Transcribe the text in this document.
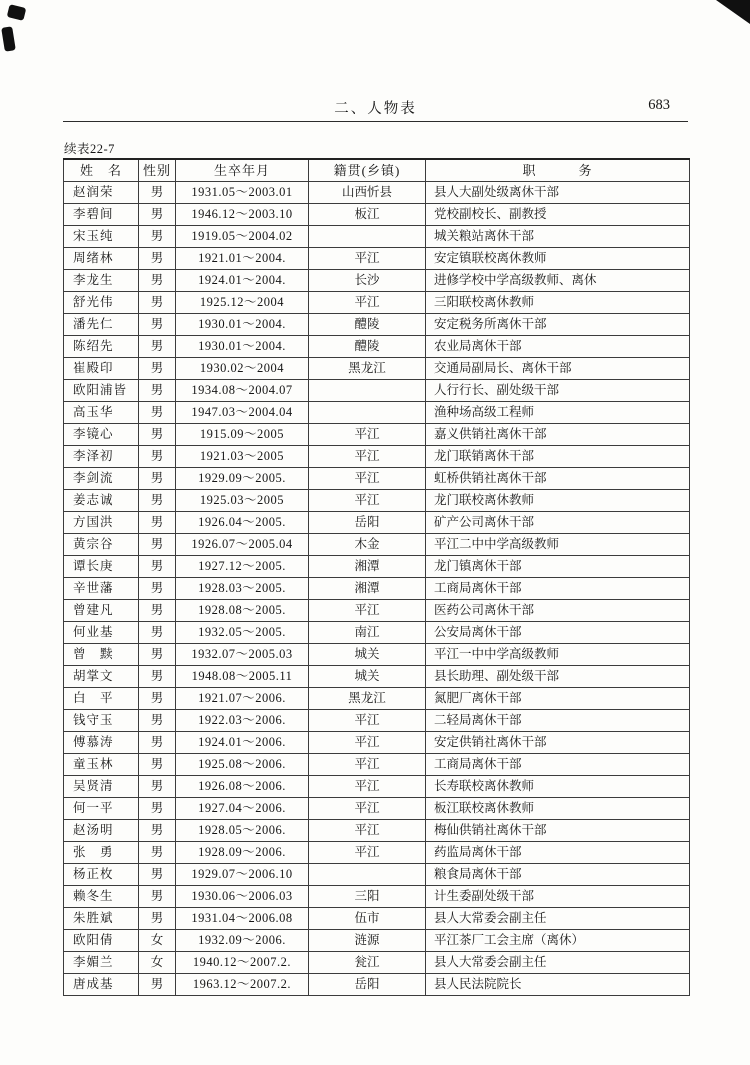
二、人物表	683
续表22-7
姓　名	性别	生卒年月	籍贯(乡镇)	职　　　务
赵润荣	男	1931.05～2003.01	山西忻县	县人大副处级离休干部
李碧间	男	1946.12～2003.10	板江	党校副校长、副教授
宋玉纯	男	1919.05～2004.02		城关粮站离休干部
周绪林	男	1921.01～2004.	平江	安定镇联校离休教师
李龙生	男	1924.01～2004.	长沙	进修学校中学高级教师、离休
舒光伟	男	1925.12～2004	平江	三阳联校离休教师
潘先仁	男	1930.01～2004.	醴陵	安定税务所离休干部
陈绍先	男	1930.01～2004.	醴陵	农业局离休干部
崔殿印	男	1930.02～2004	黑龙江	交通局副局长、离休干部
欧阳浦皆	男	1934.08～2004.07		人行行长、副处级干部
高玉华	男	1947.03～2004.04		渔种场高级工程师
李镜心	男	1915.09～2005	平江	嘉义供销社离休干部
李泽初	男	1921.03～2005	平江	龙门联销离休干部
李剑流	男	1929.09～2005.	平江	虹桥供销社离休干部
姜志诚	男	1925.03～2005	平江	龙门联校离休教师
方国洪	男	1926.04～2005.	岳阳	矿产公司离休干部
黄宗谷	男	1926.07～2005.04	木金	平江二中中学高级教师
谭长庚	男	1927.12～2005.	湘潭	龙门镇离休干部
辛世藩	男	1928.03～2005.	湘潭	工商局离休干部
曾建凡	男	1928.08～2005.	平江	医药公司离休干部
何业基	男	1932.05～2005.	南江	公安局离休干部
曾　黩	男	1932.07～2005.03	城关	平江一中中学高级教师
胡掌文	男	1948.08～2005.11	城关	县长助理、副处级干部
白　平	男	1921.07～2006.	黑龙江	氮肥厂离休干部
钱守玉	男	1922.03～2006.	平江	二轻局离休干部
傅慕涛	男	1924.01～2006.	平江	安定供销社离休干部
童玉林	男	1925.08～2006.	平江	工商局离休干部
吴贤清	男	1926.08～2006.	平江	长寿联校离休教师
何一平	男	1927.04～2006.	平江	板江联校离休教师
赵汤明	男	1928.05～2006.	平江	梅仙供销社离休干部
张　勇	男	1928.09～2006.	平江	药监局离休干部
杨正枚	男	1929.07～2006.10		粮食局离休干部
赖冬生	男	1930.06～2006.03	三阳	计生委副处级干部
朱胜斌	男	1931.04～2006.08	伍市	县人大常委会副主任
欧阳倩	女	1932.09～2006.	涟源	平江茶厂工会主席（离休）
李媚兰	女	1940.12～2007.2.	瓮江	县人大常委会副主任
唐成基	男	1963.12～2007.2.	岳阳	县人民法院院长
